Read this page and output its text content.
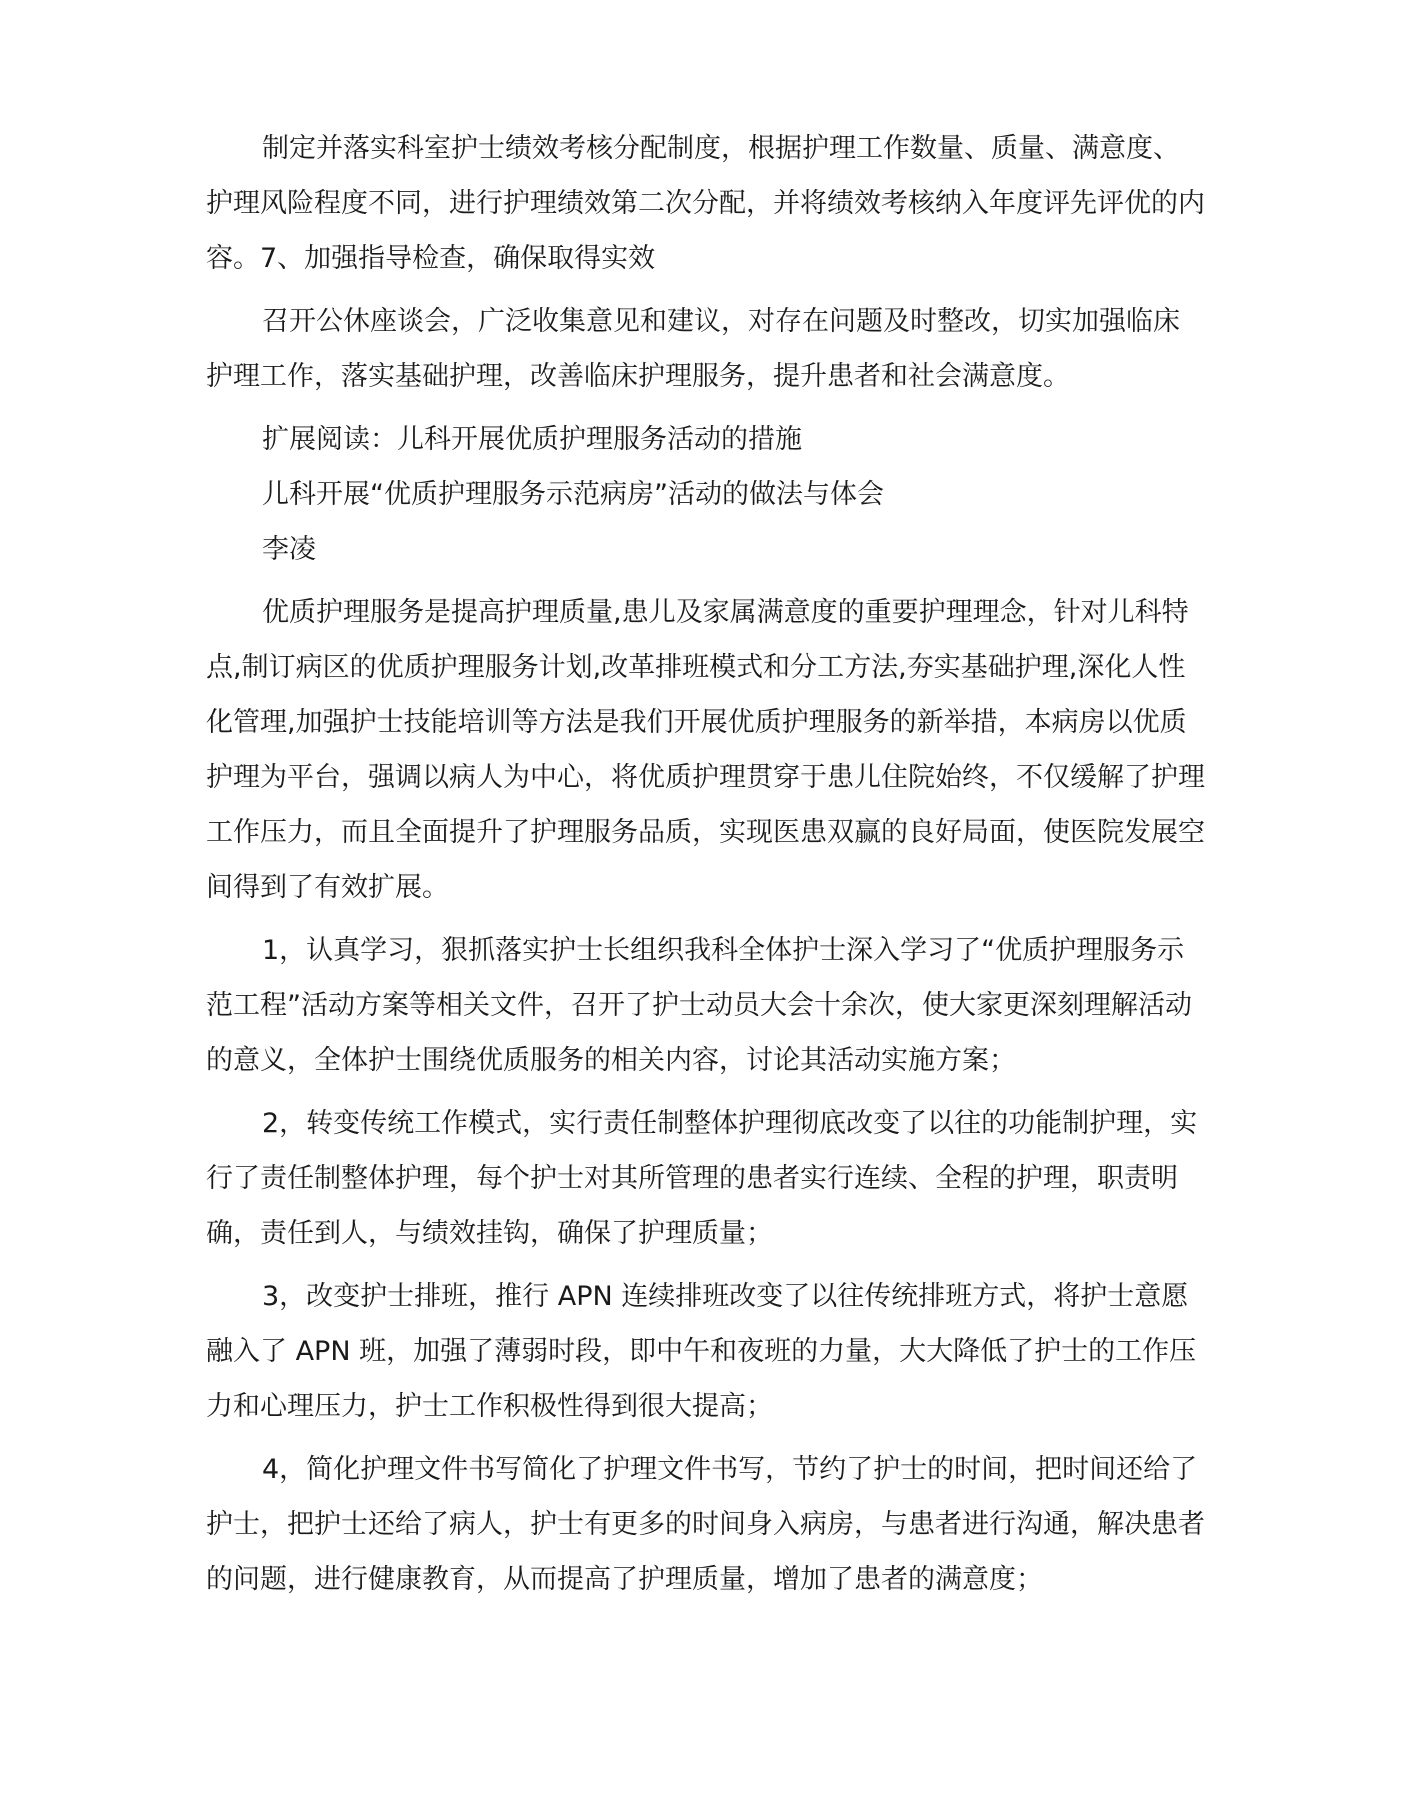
制定并落实科室护士绩效考核分配制度，根据护理工作数量、质量、满意度、护理风险程度不同，进行护理绩效第二次分配，并将绩效考核纳入年度评先评优的内容。7、加强指导检查，确保取得实效

召开公休座谈会，广泛收集意见和建议，对存在问题及时整改，切实加强临床护理工作，落实基础护理，改善临床护理服务，提升患者和社会满意度。

扩展阅读：儿科开展优质护理服务活动的措施

儿科开展“优质护理服务示范病房”活动的做法与体会

李凌

优质护理服务是提高护理质量,患儿及家属满意度的重要护理理念，针对儿科特点,制订病区的优质护理服务计划,改革排班模式和分工方法,夯实基础护理,深化人性化管理,加强护士技能培训等方法是我们开展优质护理服务的新举措，本病房以优质护理为平台，强调以病人为中心，将优质护理贯穿于患儿住院始终，不仅缓解了护理工作压力，而且全面提升了护理服务品质，实现医患双赢的良好局面，使医院发展空间得到了有效扩展。

1，认真学习，狠抓落实护士长组织我科全体护士深入学习了“优质护理服务示范工程”活动方案等相关文件，召开了护士动员大会十余次，使大家更深刻理解活动的意义，全体护士围绕优质服务的相关内容，讨论其活动实施方案；

2，转变传统工作模式，实行责任制整体护理彻底改变了以往的功能制护理，实行了责任制整体护理，每个护士对其所管理的患者实行连续、全程的护理，职责明确，责任到人，与绩效挂钩，确保了护理质量；

3，改变护士排班，推行 APN 连续排班改变了以往传统排班方式，将护士意愿融入了 APN 班，加强了薄弱时段，即中午和夜班的力量，大大降低了护士的工作压力和心理压力，护士工作积极性得到很大提高；

4，简化护理文件书写简化了护理文件书写，节约了护士的时间，把时间还给了护士，把护士还给了病人，护士有更多的时间身入病房，与患者进行沟通，解决患者的问题，进行健康教育，从而提高了护理质量，增加了患者的满意度；
